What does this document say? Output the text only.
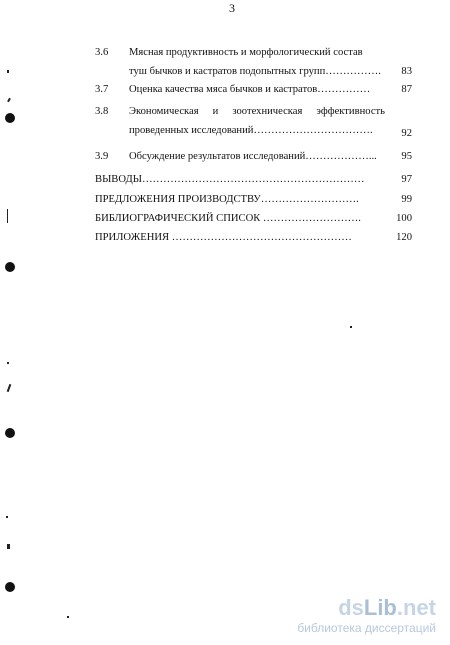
3
3.6 Мясная продуктивность и морфологический состав
туш бычков и кастратов подопытных групп…………….	83
3.7 Оценка качества мяса бычков и кастратов……………	87
3.8 Экономическая и зоотехническая эффективность
проведенных исследований…………………………….	92
3.9 Обсуждение результатов исследований………………...	95
ВЫВОДЫ………………………………………………………	97
ПРЕДЛОЖЕНИЯ ПРОИЗВОДСТВУ……………………….	99
БИБЛИОГРАФИЧЕСКИЙ СПИСОК ……………………….	100
ПРИЛОЖЕНИЯ ……………………………………………	120
dsLib.net
библиотека диссертаций
